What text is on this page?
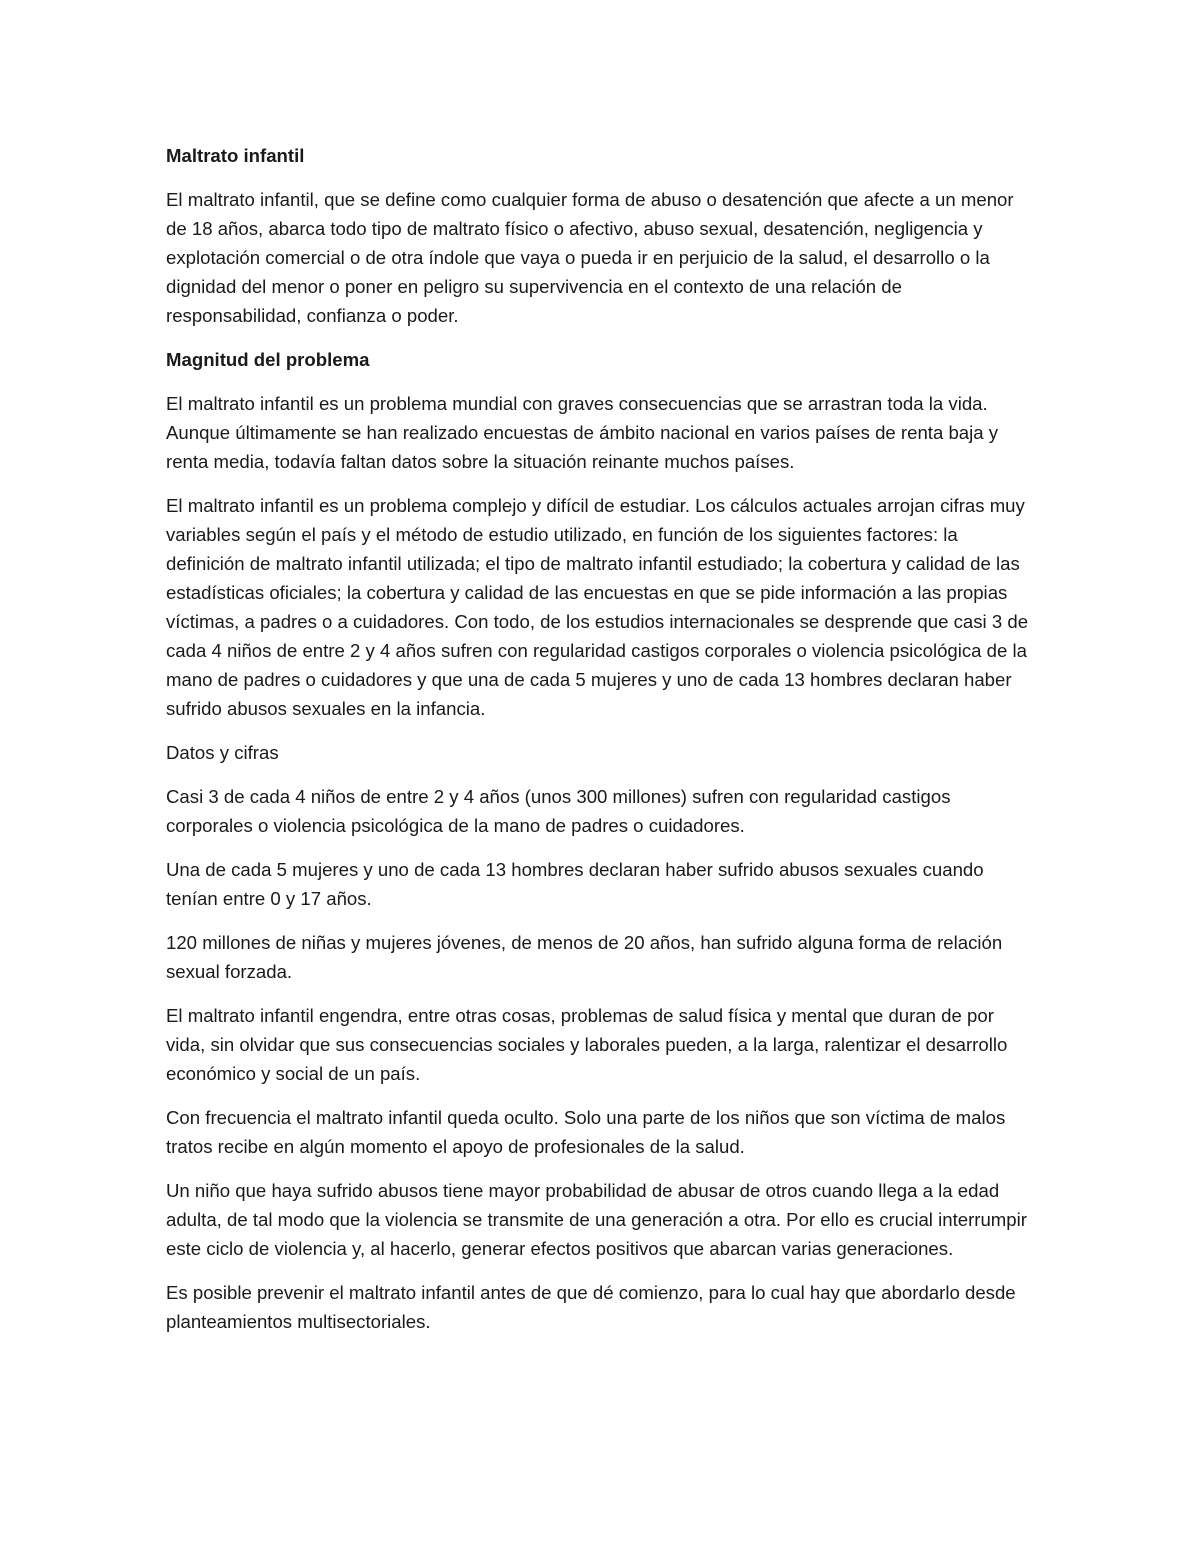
Maltrato infantil

El maltrato infantil, que se define como cualquier forma de abuso o desatención que afecte a un menor de 18 años, abarca todo tipo de maltrato físico o afectivo, abuso sexual, desatención, negligencia y explotación comercial o de otra índole que vaya o pueda ir en perjuicio de la salud, el desarrollo o la dignidad del menor o poner en peligro su supervivencia en el contexto de una relación de responsabilidad, confianza o poder.

Magnitud del problema

El maltrato infantil es un problema mundial con graves consecuencias que se arrastran toda la vida. Aunque últimamente se han realizado encuestas de ámbito nacional en varios países de renta baja y renta media, todavía faltan datos sobre la situación reinante muchos países.

El maltrato infantil es un problema complejo y difícil de estudiar. Los cálculos actuales arrojan cifras muy variables según el país y el método de estudio utilizado, en función de los siguientes factores: la definición de maltrato infantil utilizada; el tipo de maltrato infantil estudiado; la cobertura y calidad de las estadísticas oficiales; la cobertura y calidad de las encuestas en que se pide información a las propias víctimas, a padres o a cuidadores. Con todo, de los estudios internacionales se desprende que casi 3 de cada 4 niños de entre 2 y 4 años sufren con regularidad castigos corporales o violencia psicológica de la mano de padres o cuidadores y que una de cada 5 mujeres y uno de cada 13 hombres declaran haber sufrido abusos sexuales en la infancia.

Datos y cifras

Casi 3 de cada 4 niños de entre 2 y 4 años (unos 300 millones) sufren con regularidad castigos corporales o violencia psicológica de la mano de padres o cuidadores.

Una de cada 5 mujeres y uno de cada 13 hombres declaran haber sufrido abusos sexuales cuando tenían entre 0 y 17 años.

120 millones de niñas y mujeres jóvenes, de menos de 20 años, han sufrido alguna forma de relación sexual forzada.

El maltrato infantil engendra, entre otras cosas, problemas de salud física y mental que duran de por vida, sin olvidar que sus consecuencias sociales y laborales pueden, a la larga, ralentizar el desarrollo económico y social de un país.

Con frecuencia el maltrato infantil queda oculto. Solo una parte de los niños que son víctima de malos tratos recibe en algún momento el apoyo de profesionales de la salud.

Un niño que haya sufrido abusos tiene mayor probabilidad de abusar de otros cuando llega a la edad adulta, de tal modo que la violencia se transmite de una generación a otra. Por ello es crucial interrumpir este ciclo de violencia y, al hacerlo, generar efectos positivos que abarcan varias generaciones.

Es posible prevenir el maltrato infantil antes de que dé comienzo, para lo cual hay que abordarlo desde planteamientos multisectoriales.
